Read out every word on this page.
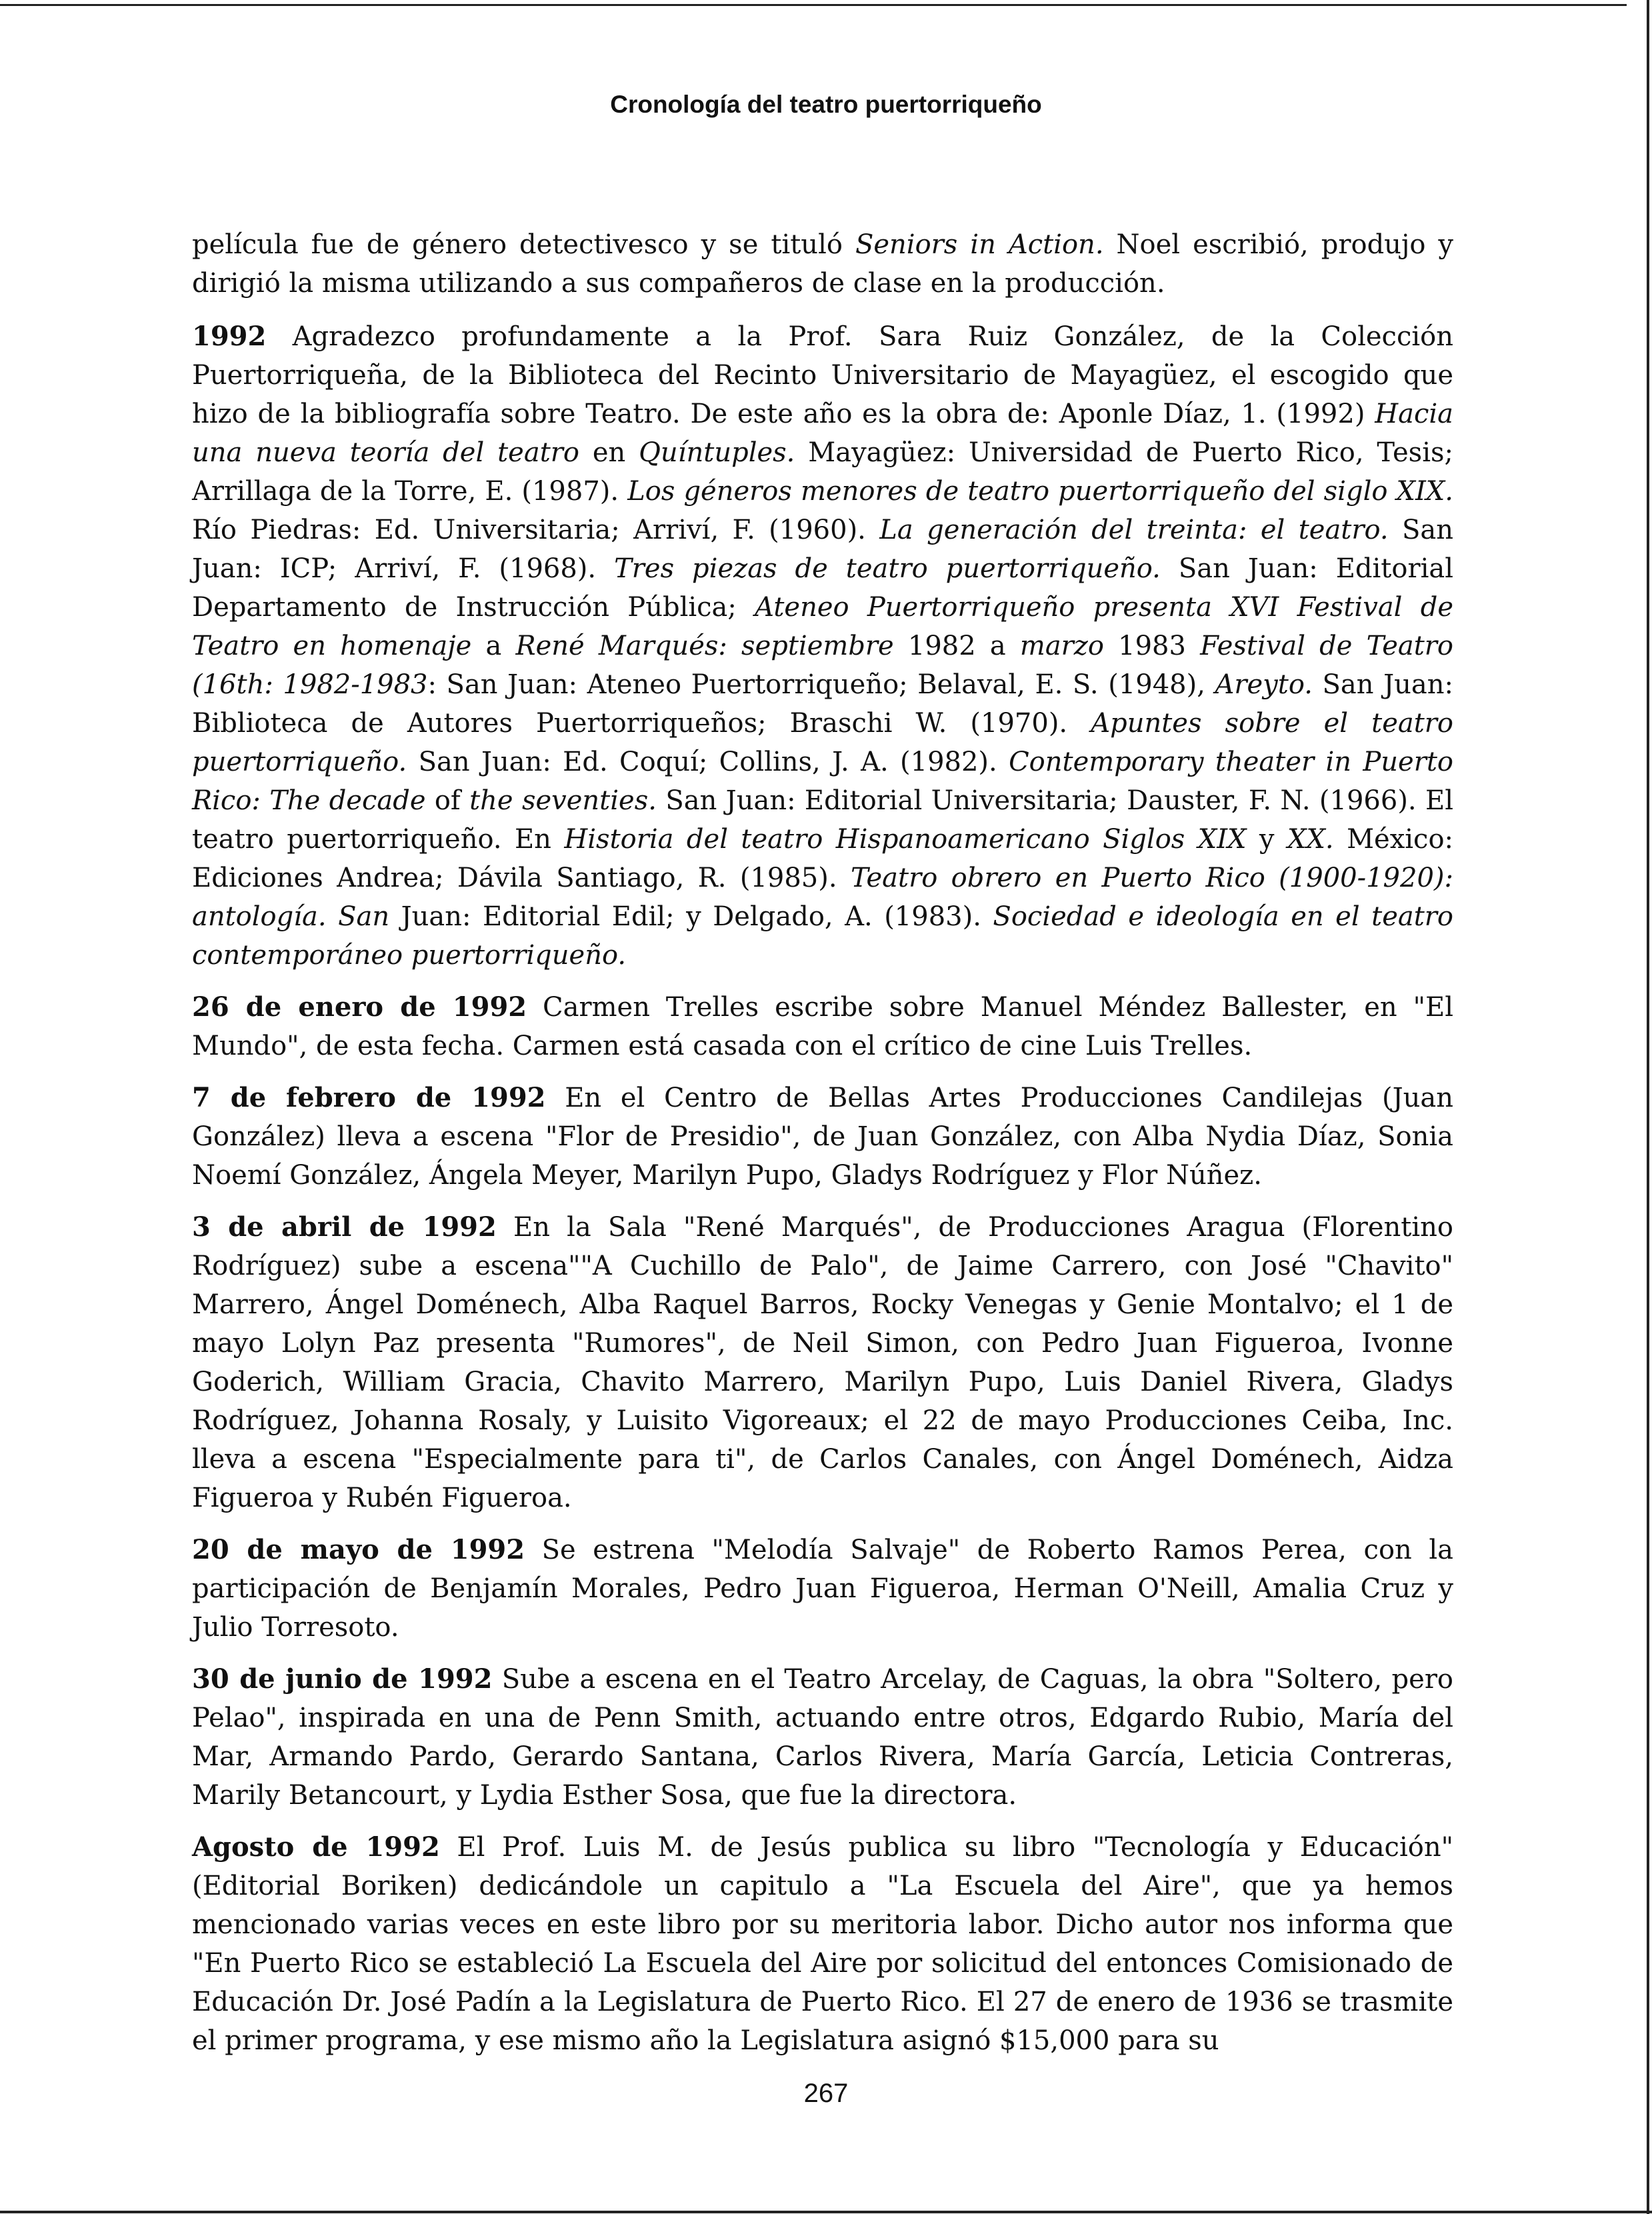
Cronología del teatro puertorriqueño

película fue de género detectivesco y se tituló Seniors in Action. Noel escribió, produjo y dirigió la misma utilizando a sus compañeros de clase en la producción.

1992 Agradezco profundamente a la Prof. Sara Ruiz González, de la Colección Puertorriqueña, de la Biblioteca del Recinto Universitario de Mayagüez, el escogido que hizo de la bibliografía sobre Teatro. De este año es la obra de: Aponle Díaz, 1. (1992) Hacia una nueva teoría del teatro en Quíntuples. Mayagüez: Universidad de Puerto Rico, Tesis; Arrillaga de la Torre, E. (1987). Los géneros menores de teatro puertorriqueño del siglo XIX. Río Piedras: Ed. Universitaria; Arriví, F. (1960). La generación del treinta: el teatro. San Juan: ICP; Arriví, F. (1968). Tres piezas de teatro puertorriqueño. San Juan: Editorial Departamento de Instrucción Pública; Ateneo Puertorriqueño presenta XVI Festival de Teatro en homenaje a René Marqués: septiembre 1982 a marzo 1983 Festival de Teatro (16th: 1982-1983: San Juan: Ateneo Puertorriqueño; Belaval, E. S. (1948), Areyto. San Juan: Biblioteca de Autores Puertorriqueños; Braschi W. (1970). Apuntes sobre el teatro puertorriqueño. San Juan: Ed. Coquí; Collins, J. A. (1982). Contemporary theater in Puerto Rico: The decade of the seventies. San Juan: Editorial Universitaria; Dauster, F. N. (1966). El teatro puertorriqueño. En Historia del teatro Hispanoamericano Siglos XIX y XX. México: Ediciones Andrea; Dávila Santiago, R. (1985). Teatro obrero en Puerto Rico (1900-1920): antología. San Juan: Editorial Edil; y Delgado, A. (1983). Sociedad e ideología en el teatro contemporáneo puertorriqueño.

26 de enero de 1992 Carmen Trelles escribe sobre Manuel Méndez Ballester, en "El Mundo", de esta fecha. Carmen está casada con el crítico de cine Luis Trelles.

7 de febrero de 1992 En el Centro de Bellas Artes Producciones Candilejas (Juan González) lleva a escena "Flor de Presidio", de Juan González, con Alba Nydia Díaz, Sonia Noemí González, Ángela Meyer, Marilyn Pupo, Gladys Rodríguez y Flor Núñez.

3 de abril de 1992 En la Sala "René Marqués", de Producciones Aragua (Florentino Rodríguez) sube a escena""A Cuchillo de Palo", de Jaime Carrero, con José "Chavito" Marrero, Ángel Doménech, Alba Raquel Barros, Rocky Venegas y Genie Montalvo; el 1 de mayo Lolyn Paz presenta "Rumores", de Neil Simon, con Pedro Juan Figueroa, Ivonne Goderich, William Gracia, Chavito Marrero, Marilyn Pupo, Luis Daniel Rivera, Gladys Rodríguez, Johanna Rosaly, y Luisito Vigoreaux; el 22 de mayo Producciones Ceiba, Inc. lleva a escena "Especialmente para ti", de Carlos Canales, con Ángel Doménech, Aidza Figueroa y Rubén Figueroa.

20 de mayo de 1992 Se estrena "Melodía Salvaje" de Roberto Ramos Perea, con la participación de Benjamín Morales, Pedro Juan Figueroa, Herman O'Neill, Amalia Cruz y Julio Torresoto.

30 de junio de 1992 Sube a escena en el Teatro Arcelay, de Caguas, la obra "Soltero, pero Pelao", inspirada en una de Penn Smith, actuando entre otros, Edgardo Rubio, María del Mar, Armando Pardo, Gerardo Santana, Carlos Rivera, María García, Leticia Contreras, Marily Betancourt, y Lydia Esther Sosa, que fue la directora.

Agosto de 1992 El Prof. Luis M. de Jesús publica su libro "Tecnología y Educación" (Editorial Boriken) dedicándole un capitulo a "La Escuela del Aire", que ya hemos mencionado varias veces en este libro por su meritoria labor. Dicho autor nos informa que "En Puerto Rico se estableció La Escuela del Aire por solicitud del entonces Comisionado de Educación Dr. José Padín a la Legislatura de Puerto Rico. El 27 de enero de 1936 se trasmite el primer programa, y ese mismo año la Legislatura asignó $15,000 para su

267
